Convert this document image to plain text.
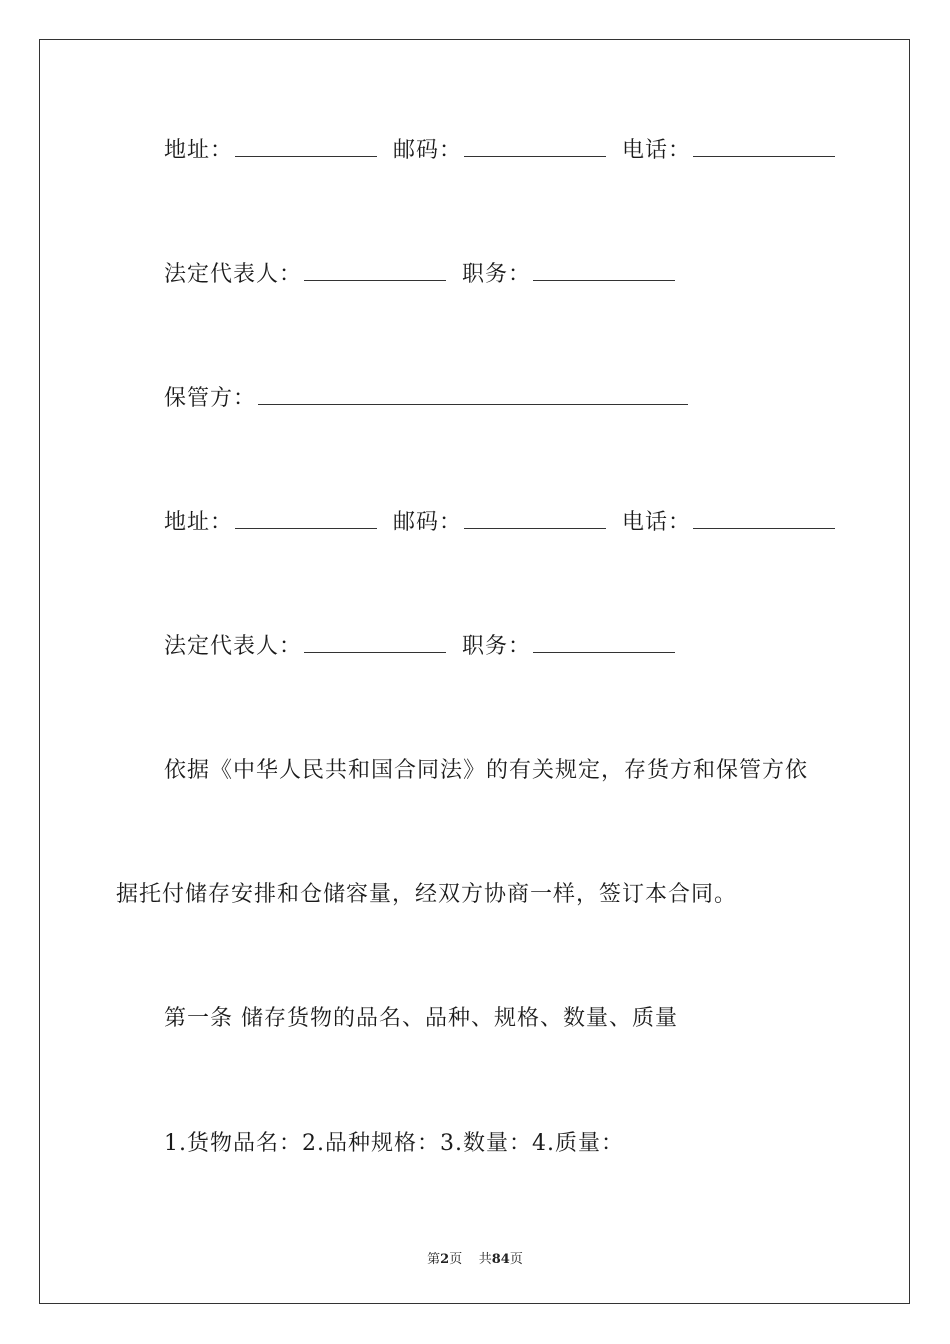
地址：	邮码：	电话：
法定代表人：	职务：
保管方：
地址：	邮码：	电话：
法定代表人：	职务：
依据《中华人民共和国合同法》的有关规定，存货方和保管方依
据托付储存安排和仓储容量，经双方协商一样，签订本合同。
第一条 储存货物的品名、品种、规格、数量、质量
1.货物品名：2.品种规格：3.数量：4.质量：
第2页 共84页
